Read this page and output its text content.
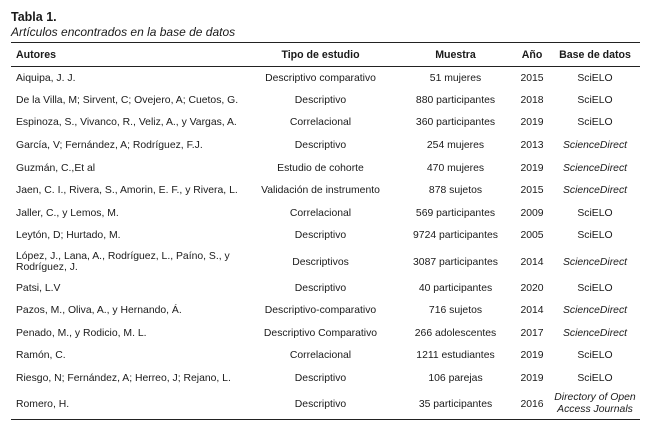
Tabla 1.

Artículos encontrados en la base de datos

Autores	Tipo de estudio	Muestra	Año	Base de datos
Aiquipa, J. J.	Descriptivo comparativo	51 mujeres	2015	SciELO
De la Villa, M; Sirvent, C; Ovejero, A; Cuetos, G.	Descriptivo	880 participantes	2018	SciELO
Espinoza, S., Vivanco, R., Veliz, A., y Vargas, A.	Correlacional	360 participantes	2019	SciELO
García, V; Fernández, A; Rodríguez, F.J.	Descriptivo	254 mujeres	2013	ScienceDirect
Guzmán, C.,Et al	Estudio de cohorte	470 mujeres	2019	ScienceDirect
Jaen, C. I., Rivera, S., Amorin, E. F., y Rivera, L.	Validación de instrumento	878 sujetos	2015	ScienceDirect
Jaller, C., y Lemos, M.	Correlacional	569 participantes	2009	SciELO
Leytón, D; Hurtado, M.	Descriptivo	9724 participantes	2005	SciELO
López, J., Lana, A., Rodríguez, L., Paíno, S., y Rodríguez, J.	Descriptivos	3087 participantes	2014	ScienceDirect
Patsi, L.V	Descriptivo	40 participantes	2020	SciELO
Pazos, M., Oliva, A., y Hernando, Á.	Descriptivo-comparativo	716 sujetos	2014	ScienceDirect
Penado, M., y Rodicio, M. L.	Descriptivo Comparativo	266 adolescentes	2017	ScienceDirect
Ramón, C.	Correlacional	1211 estudiantes	2019	SciELO
Riesgo, N; Fernández, A; Herreo, J; Rejano, L.	Descriptivo	106 parejas	2019	SciELO
Romero, H.	Descriptivo	35 participantes	2016	Directory of Open Access Journals
